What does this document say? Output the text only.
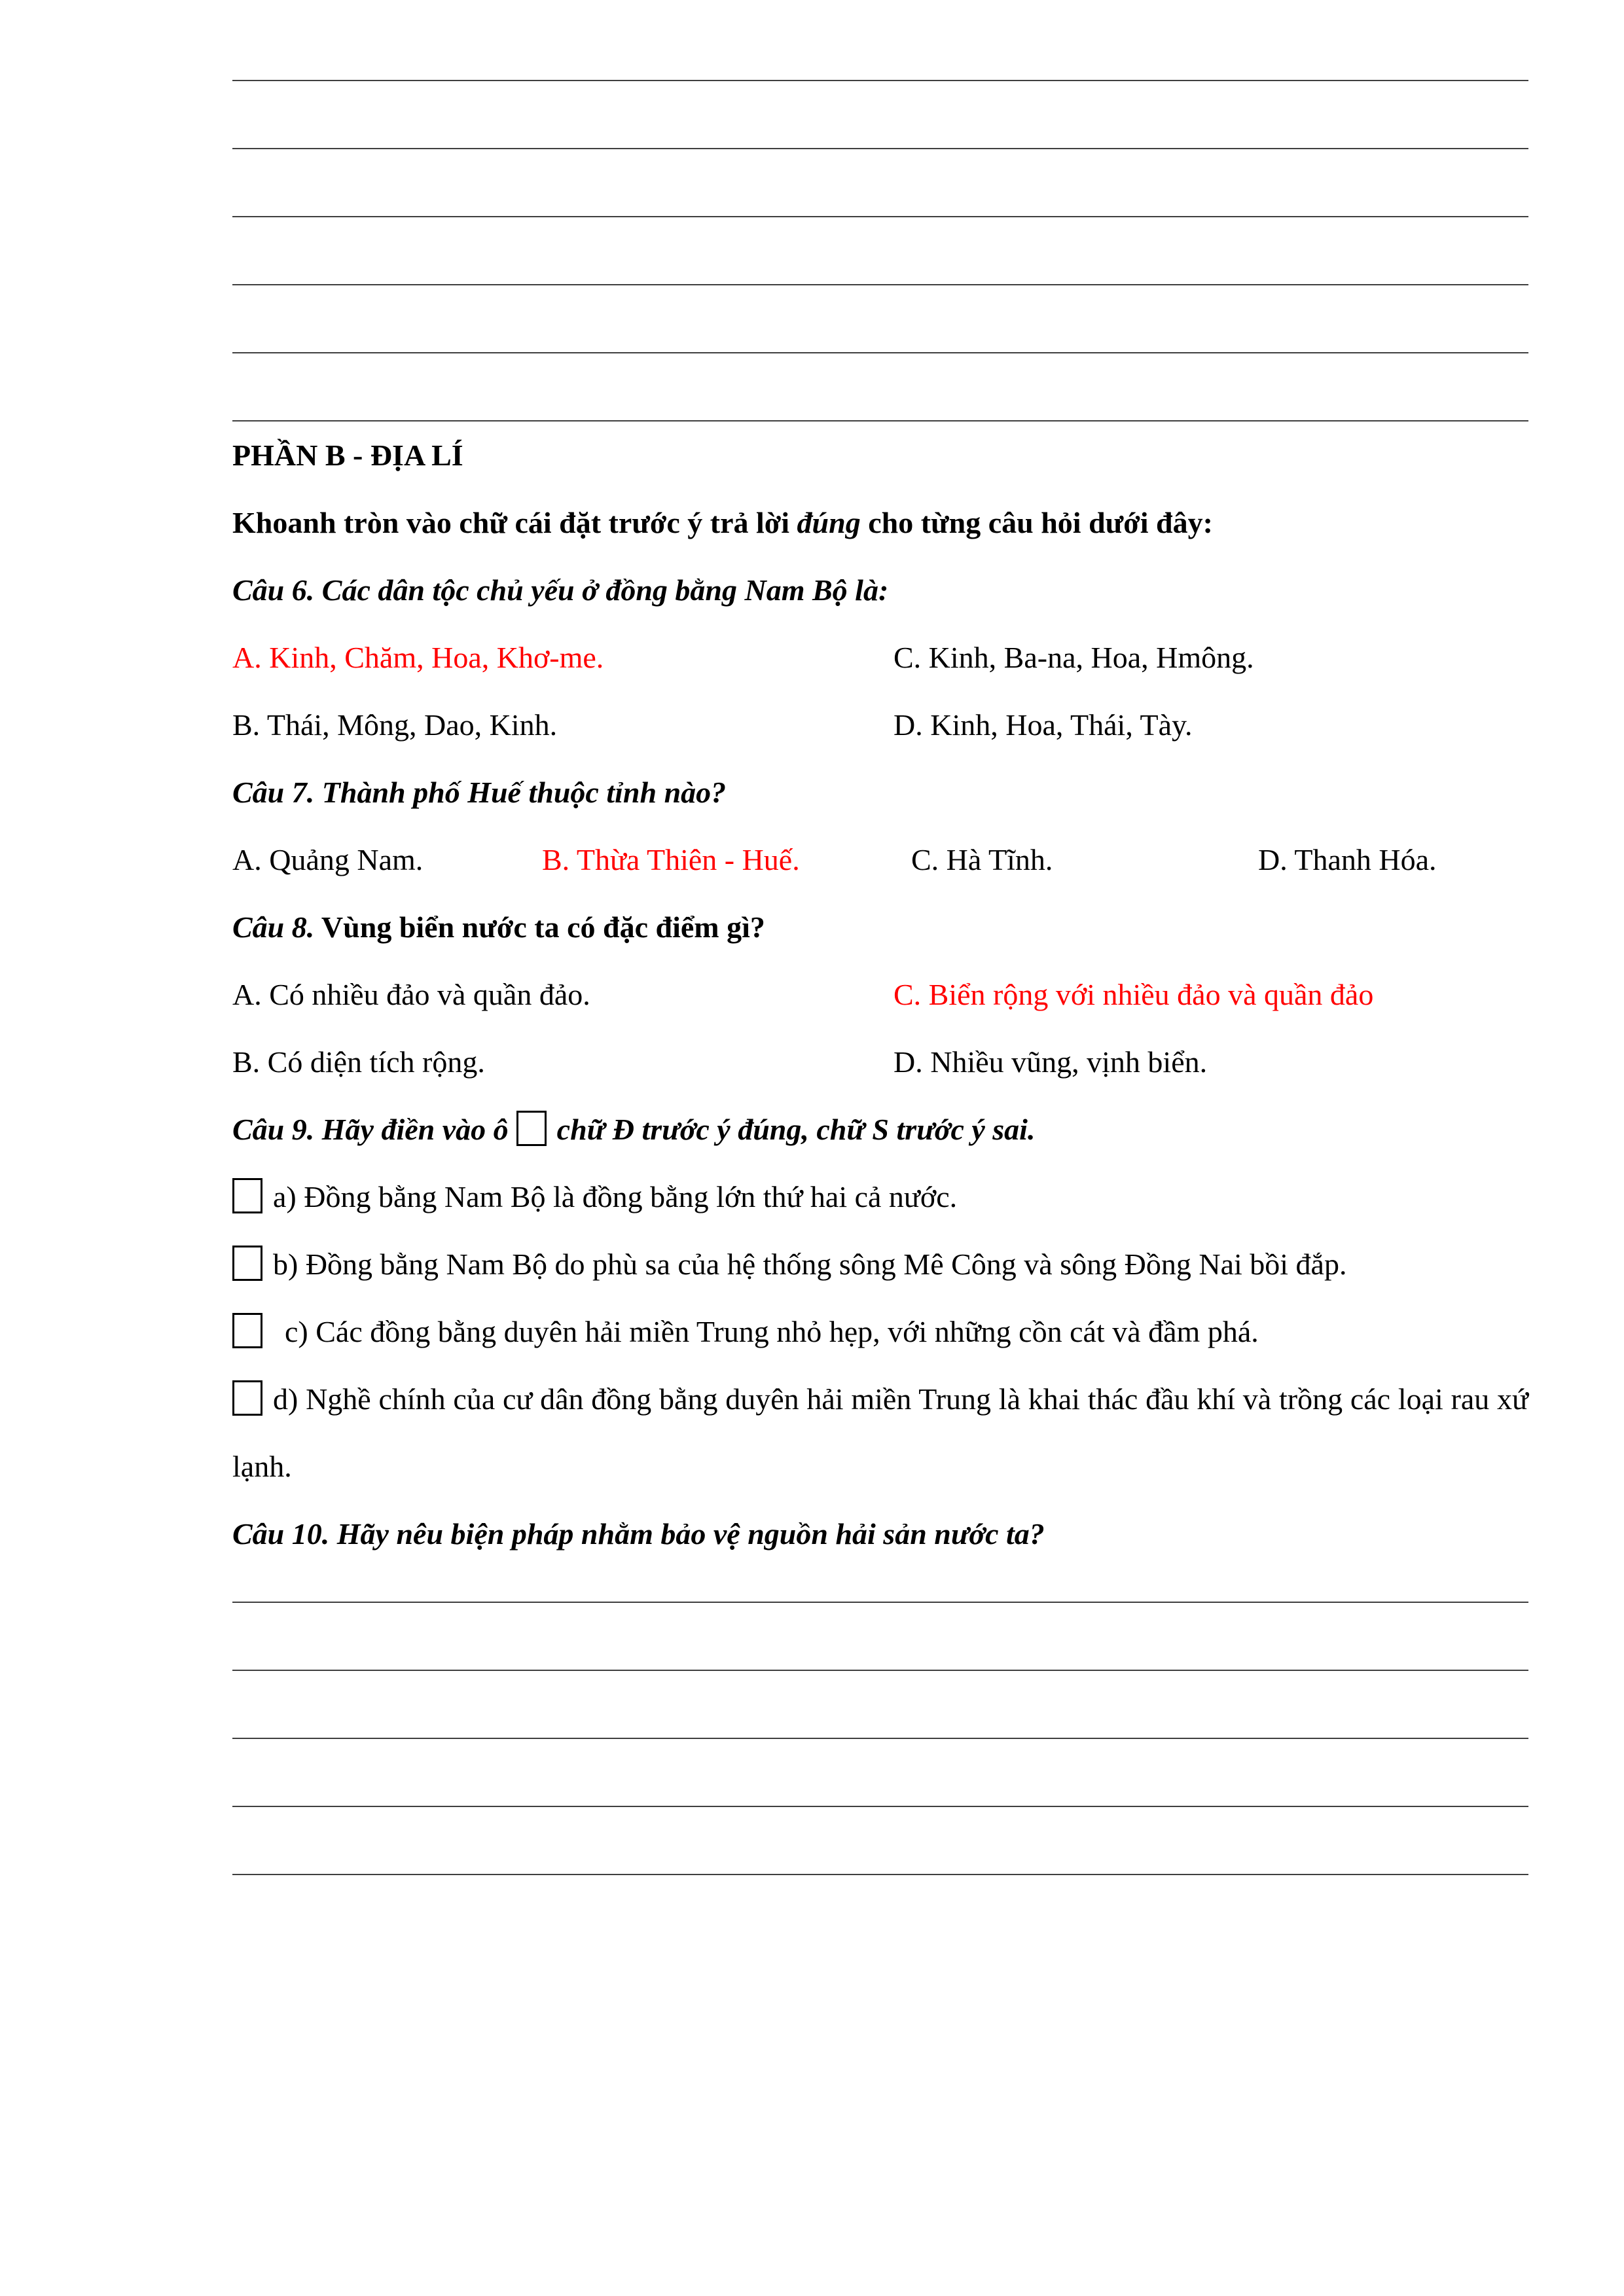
PHẦN B - ĐỊA LÍ

Khoanh tròn vào chữ cái đặt trước ý trả lời đúng cho từng câu hỏi dưới đây:

Câu 6. Các dân tộc chủ yếu ở đồng bằng Nam Bộ là:

A. Kinh, Chăm, Hoa, Khơ-me.	C. Kinh, Ba-na, Hoa, Hmông.
B. Thái, Mông, Dao, Kinh.	D. Kinh, Hoa, Thái, Tày.

Câu 7. Thành phố Huế thuộc tỉnh nào?

A. Quảng Nam.	B. Thừa Thiên - Huế.	C. Hà Tĩnh.	D. Thanh Hóa.

Câu 8. Vùng biển nước ta có đặc điểm gì?

A. Có nhiều đảo và quần đảo.	C. Biển rộng với nhiều đảo và quần đảo
B. Có diện tích rộng.	D. Nhiều vũng, vịnh biển.

Câu 9. Hãy điền vào ô chữ Đ trước ý đúng, chữ S trước ý sai.

a) Đồng bằng Nam Bộ là đồng bằng lớn thứ hai cả nước.

b) Đồng bằng Nam Bộ do phù sa của hệ thống sông Mê Công và sông Đồng Nai bồi đắp.

c) Các đồng bằng duyên hải miền Trung nhỏ hẹp, với những cồn cát và đầm phá.

d) Nghề chính của cư dân đồng bằng duyên hải miền Trung là khai thác đầu khí và trồng các loại rau xứ lạnh.

Câu 10. Hãy nêu biện pháp nhằm bảo vệ nguồn hải sản nước ta?
